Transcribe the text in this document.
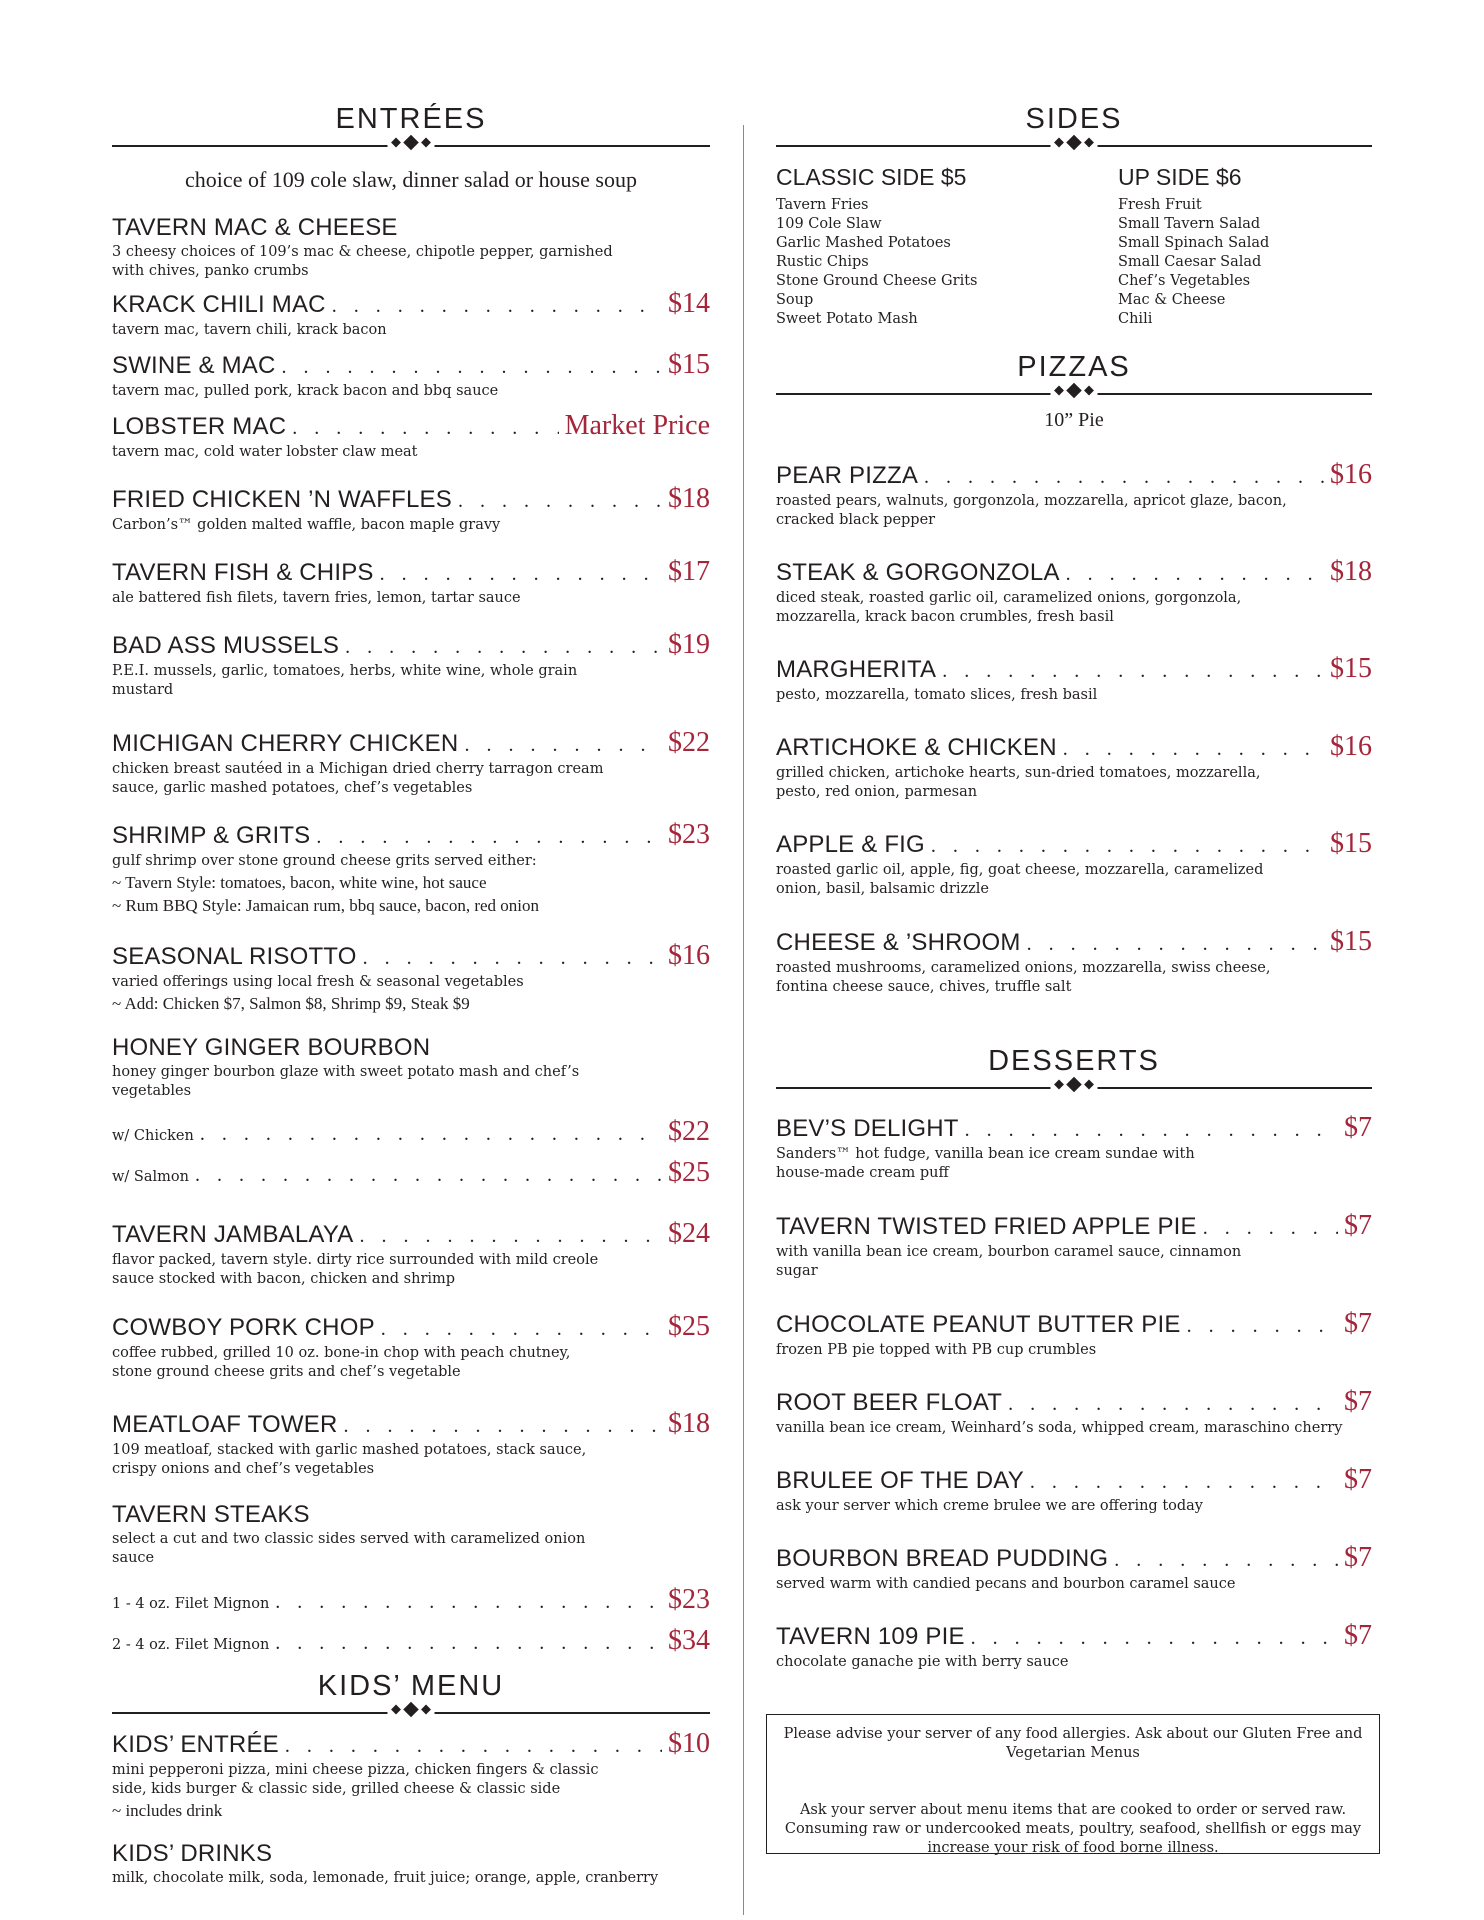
ENTRÉES
choice of 109 cole slaw, dinner salad or house soup
TAVERN MAC & CHEESE
3 cheesy choices of 109’s mac & cheese, chipotle pepper, garnished
with chives, panko crumbs
KRACK CHILI MAC . . .	$14
tavern mac, tavern chili, krack bacon
SWINE & MAC . . .	$15
tavern mac, pulled pork, krack bacon and bbq sauce
LOBSTER MAC . . .	Market Price
tavern mac, cold water lobster claw meat
FRIED CHICKEN ’N WAFFLES . . .	$18
Carbon’s™ golden malted waffle, bacon maple gravy
TAVERN FISH & CHIPS . . .	$17
ale battered fish filets, tavern fries, lemon, tartar sauce
BAD ASS MUSSELS . . .	$19
P.E.I. mussels, garlic, tomatoes, herbs, white wine, whole grain
mustard
MICHIGAN CHERRY CHICKEN . . .	$22
chicken breast sautéed in a Michigan dried cherry tarragon cream
sauce, garlic mashed potatoes, chef’s vegetables
SHRIMP & GRITS . . .	$23
gulf shrimp over stone ground cheese grits served either:
~ Tavern Style: tomatoes, bacon, white wine, hot sauce
~ Rum BBQ Style: Jamaican rum, bbq sauce, bacon, red onion
SEASONAL RISOTTO . . .	$16
varied offerings using local fresh & seasonal vegetables
~ Add: Chicken $7, Salmon $8, Shrimp $9, Steak $9
HONEY GINGER BOURBON
honey ginger bourbon glaze with sweet potato mash and chef’s
vegetables
w/ Chicken . . .	$22
w/ Salmon . . .	$25
TAVERN JAMBALAYA . . .	$24
flavor packed, tavern style. dirty rice surrounded with mild creole
sauce stocked with bacon, chicken and shrimp
COWBOY PORK CHOP . . .	$25
coffee rubbed, grilled 10 oz. bone-in chop with peach chutney,
stone ground cheese grits and chef’s vegetable
MEATLOAF TOWER . . .	$18
109 meatloaf, stacked with garlic mashed potatoes, stack sauce,
crispy onions and chef’s vegetables
TAVERN STEAKS
select a cut and two classic sides served with caramelized onion
sauce
1 - 4 oz. Filet Mignon . . .	$23
2 - 4 oz. Filet Mignon . . .	$34
KIDS’ MENU
KIDS’ ENTRÉE . . .	$10
mini pepperoni pizza, mini cheese pizza, chicken fingers & classic
side, kids burger & classic side, grilled cheese & classic side
~ includes drink
KIDS’ DRINKS
milk, chocolate milk, soda, lemonade, fruit juice; orange, apple, cranberry
SIDES
CLASSIC SIDE $5
Tavern Fries
109 Cole Slaw
Garlic Mashed Potatoes
Rustic Chips
Stone Ground Cheese Grits
Soup
Sweet Potato Mash
UP SIDE $6
Fresh Fruit
Small Tavern Salad
Small Spinach Salad
Small Caesar Salad
Chef’s Vegetables
Mac & Cheese
Chili
PIZZAS
10” Pie
PEAR PIZZA . . .	$16
roasted pears, walnuts, gorgonzola, mozzarella, apricot glaze, bacon,
cracked black pepper
STEAK & GORGONZOLA . . .	$18
diced steak, roasted garlic oil, caramelized onions, gorgonzola,
mozzarella, krack bacon crumbles, fresh basil
MARGHERITA . . .	$15
pesto, mozzarella, tomato slices, fresh basil
ARTICHOKE & CHICKEN . . .	$16
grilled chicken, artichoke hearts, sun-dried tomatoes, mozzarella,
pesto, red onion, parmesan
APPLE & FIG . . .	$15
roasted garlic oil, apple, fig, goat cheese, mozzarella, caramelized
onion, basil, balsamic drizzle
CHEESE & ’SHROOM . . .	$15
roasted mushrooms, caramelized onions, mozzarella, swiss cheese,
fontina cheese sauce, chives, truffle salt
DESSERTS
BEV’S DELIGHT . . .	$7
Sanders™ hot fudge, vanilla bean ice cream sundae with
house-made cream puff
TAVERN TWISTED FRIED APPLE PIE . . .	$7
with vanilla bean ice cream, bourbon caramel sauce, cinnamon
sugar
CHOCOLATE PEANUT BUTTER PIE . . .	$7
frozen PB pie topped with PB cup crumbles
ROOT BEER FLOAT . . .	$7
vanilla bean ice cream, Weinhard’s soda, whipped cream, maraschino cherry
BRULEE OF THE DAY . . .	$7
ask your server which creme brulee we are offering today
BOURBON BREAD PUDDING . . .	$7
served warm with candied pecans and bourbon caramel sauce
TAVERN 109 PIE . . .	$7
chocolate ganache pie with berry sauce

Please advise your server of any food allergies. Ask about our Gluten Free and Vegetarian Menus

Ask your server about menu items that are cooked to order or served raw. Consuming raw or undercooked meats, poultry, seafood, shellfish or eggs may increase your risk of food borne illness.
